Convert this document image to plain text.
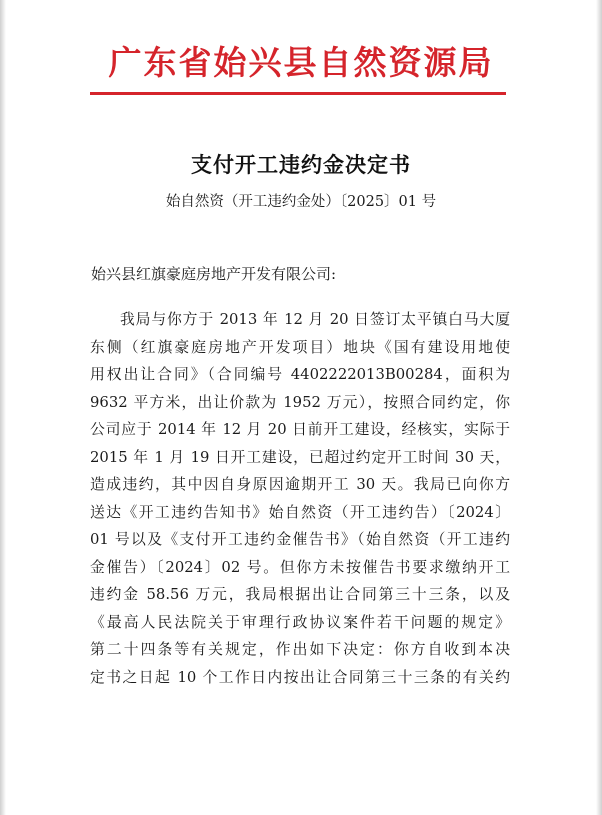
广东省始兴县自然资源局
支付开工违约金决定书
始自然资（开工违约金处）〔2025〕01 号
始兴县红旗豪庭房地产开发有限公司:
我局与你方于 2013 年 12 月 20 日签订太平镇白马大厦
东侧（红旗豪庭房地产开发项目）地块《国有建设用地使
用权出让合同》（合同编号 4402222013B00284，面积为
9632 平方米，出让价款为 1952 万元），按照合同约定，你
公司应于 2014 年 12 月 20 日前开工建设，经核实，实际于
2015 年 1 月 19 日开工建设，已超过约定开工时间 30 天，
造成违约，其中因自身原因逾期开工 30 天。我局已向你方
送达《开工违约告知书》始自然资（开工违约告）〔2024〕
01 号以及《支付开工违约金催告书》（始自然资（开工违约
金催告）〔2024〕02 号。但你方未按催告书要求缴纳开工
违约金 58.56 万元，我局根据出让合同第三十三条，以及
《最高人民法院关于审理行政协议案件若干问题的规定》
第二十四条等有关规定，作出如下决定：你方自收到本决
定书之日起 10 个工作日内按出让合同第三十三条的有关约
